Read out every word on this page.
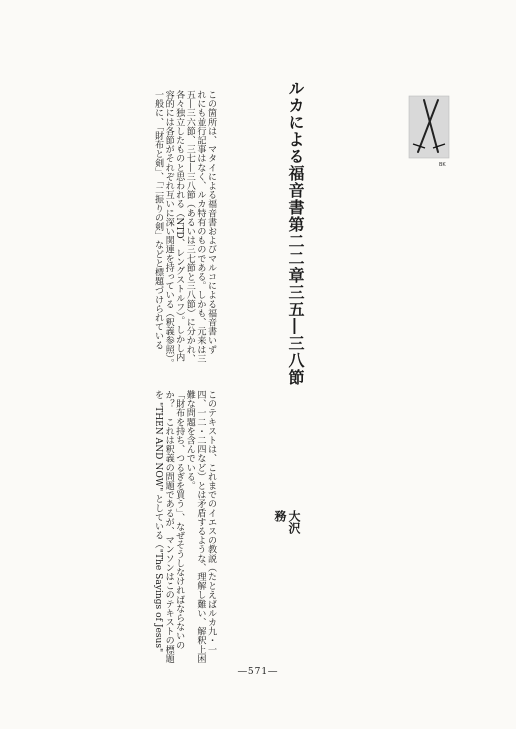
BK
ルカによる福音書第二二章三五―三八節
大沢
務
この箇所は、マタイによる福音書およびマルコによる福音書いず
れにも並行記事はなく、ルカ特有のものである。しかも、元来は三
五―三六節、三七―三八節（あるいは三七節と三八節）に分かれ、
各々独立したものと思われる（NTD、レングストルフ）。しかし内
容的には各節がそれぞれ互いに深い関連を持っている（釈義参照）。
一般に、「財布と剣」、「二振りの剣」などと標題づけられている
このテキストは、これまでのイエスの教説（たとえばルカ九・一
四、一二・二四など）とは矛盾するような、理解し難い、解釈上困
難な問題を含んでいる。
「財布を持ち、つるぎを買う」、なぜそうしなければならないの
か？　これは釈義の問題であるが、マンソンはこのテキストの標題
を "THEN AND NOW" としている（"The Sayings of Jesus"
―571―
